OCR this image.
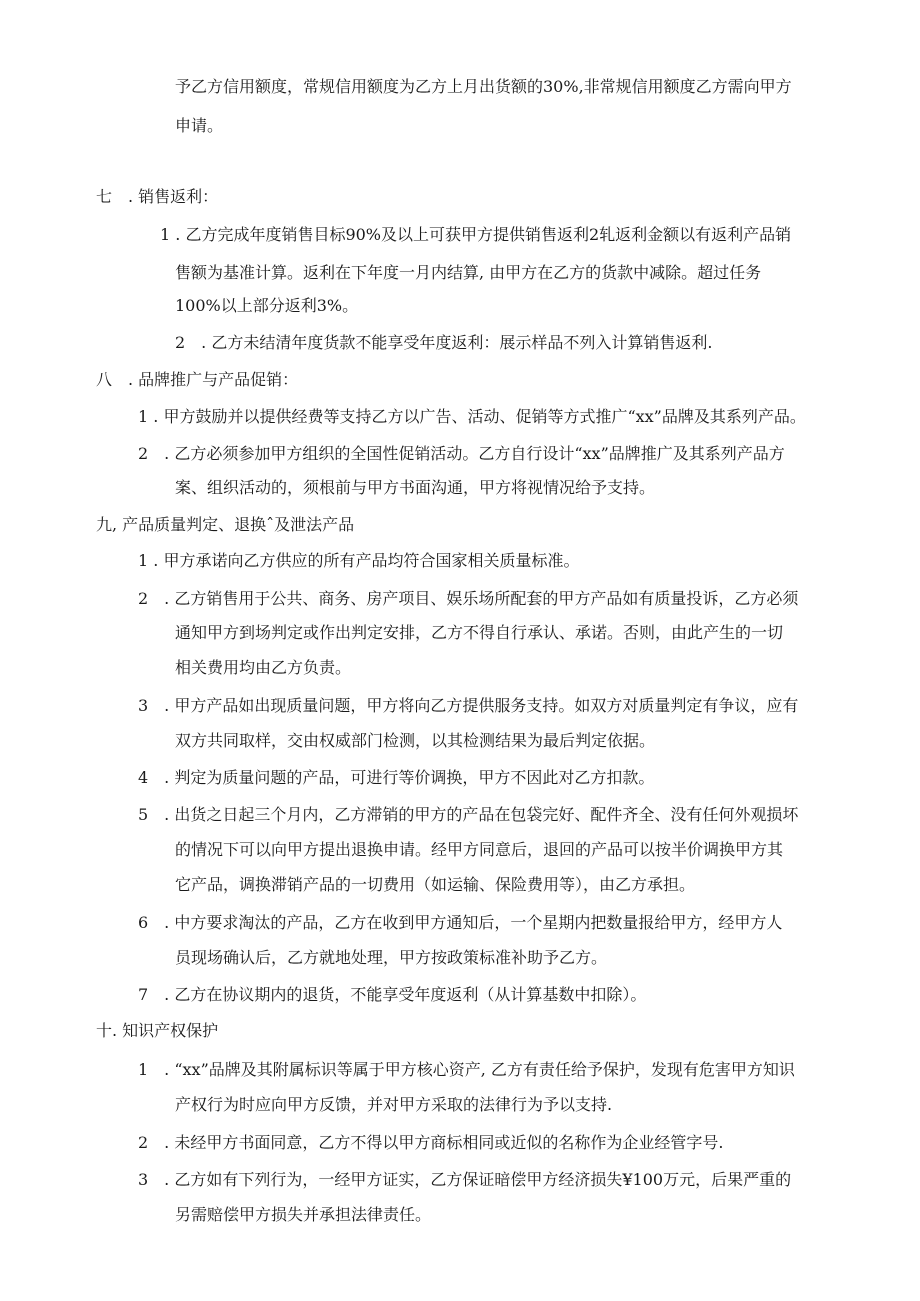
予乙方信用额度，常规信用额度为乙方上月出货额的30%,非常规信用额度乙方需向甲方
申请。
七　. 销售返利：
1 . 乙方完成年度销售目标90%及以上可获甲方提供销售返利2轧返利金额以有返利产品销
售额为基准计算。返利在下年度一月内结算, 由甲方在乙方的货款中减除。超过任务
100%以上部分返利3%。
2　. 乙方未结清年度货款不能享受年度返利：展示样品不列入计算销售返利.
八　. 品牌推广与产品促销：
1 . 甲方鼓励并以提供经费等支持乙方以广告、活动、促销等方式推广“xx”品牌及其系列产品。
2　. 乙方必须参加甲方组织的全国性促销活动。乙方自行设计“xx”品牌推广及其系列产品方
案、组织活动的，须根前与甲方书面沟通，甲方将视情况给予支持。
九, 产品质量判定、退换ˆ及泄法产品
1 . 甲方承诺向乙方供应的所有产品均符合国家相关质量标准。
2　. 乙方销售用于公共、商务、房产项目、娱乐场所配套的甲方产品如有质量投诉，乙方必须
通知甲方到场判定或作出判定安排，乙方不得自行承认、承诺。否则，由此产生的一切
相关费用均由乙方负责。
3　. 甲方产品如出现质量问题，甲方将向乙方提供服务支持。如双方对质量判定有争议，应有
双方共同取样，交由权威部门检测，以其检测结果为最后判定依据。
4　. 判定为质量问题的产品，可进行等价调换，甲方不因此对乙方扣款。
5　. 出货之日起三个月内，乙方滞销的甲方的产品在包袋完好、配件齐全、没有任何外观损坏
的情况下可以向甲方提出退换申请。经甲方同意后，退回的产品可以按半价调换甲方其
它产品，调换滞销产品的一切费用（如运输、保险费用等），由乙方承担。
6　. 中方要求淘汰的产品，乙方在收到甲方通知后，一个星期内把数量报给甲方，经甲方人
员现场确认后，乙方就地处理，甲方按政策标准补助予乙方。
7　. 乙方在协议期内的退货，不能享受年度返利（从计算基数中扣除）。
十. 知识产权保护
1　. “xx”品牌及其附属标识等属于甲方核心资产, 乙方有责任给予保护，发现有危害甲方知识
产权行为时应向甲方反馈，并对甲方采取的法律行为予以支持.
2　. 未经甲方书面同意，乙方不得以甲方商标相同或近似的名称作为企业经管字号.
3　. 乙方如有下列行为，一经甲方证实，乙方保证暗偿甲方经济损失¥100万元，后果严重的
另需赔偿甲方损失并承担法律责任。
